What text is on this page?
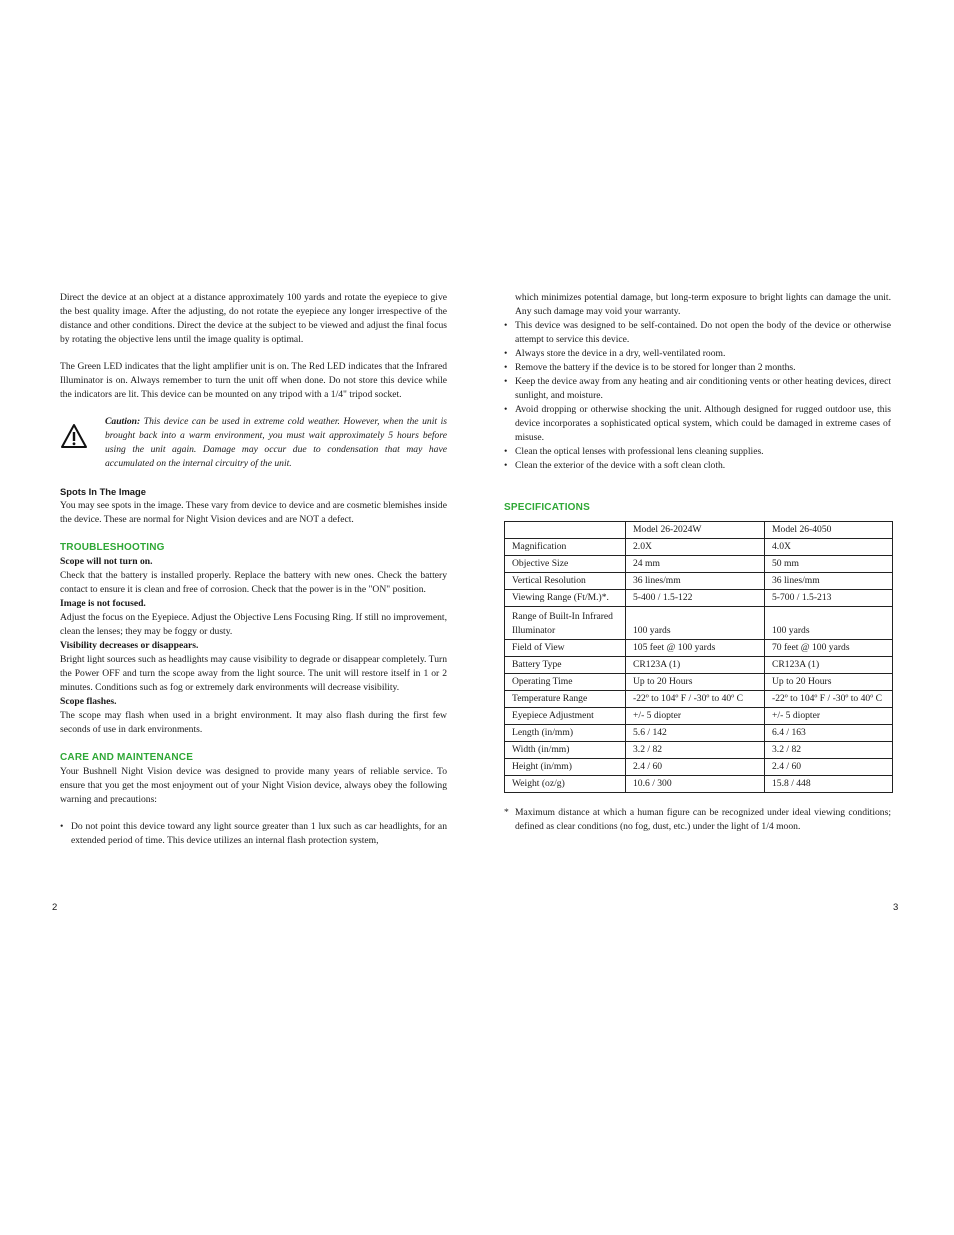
Direct the device at an object at a distance approximately 100 yards and rotate the eyepiece to give the best quality image. After the adjusting, do not rotate the eyepiece any longer irrespective of the distance and other conditions. Direct the device at the subject to be viewed and adjust the final focus by rotating the objective lens until the image quality is optimal.

The Green LED indicates that the light amplifier unit is on. The Red LED indicates that the Infrared Illuminator is on. Always remember to turn the unit off when done. Do not store this device while the indicators are lit. This device can be mounted on any tripod with a 1/4" tripod socket.

Caution: This device can be used in extreme cold weather. However, when the unit is brought back into a warm environment, you must wait approximately 5 hours before using the unit again. Damage may occur due to condensation that may have accumulated on the internal circuitry of the unit.

Spots In The Image

You may see spots in the image. These vary from device to device and are cosmetic blemishes inside the device. These are normal for Night Vision devices and are NOT a defect.

TROUBLESHOOTING
Scope will not turn on.

Check that the battery is installed properly. Replace the battery with new ones. Check the battery contact to ensure it is clean and free of corrosion. Check that the power is in the "ON" position.

Image is not focused.

Adjust the focus on the Eyepiece. Adjust the Objective Lens Focusing Ring. If still no improvement, clean the lenses; they may be foggy or dusty.

Visibility decreases or disappears.

Bright light sources such as headlights may cause visibility to degrade or disappear completely. Turn the Power OFF and turn the scope away from the light source. The unit will restore itself in 1 or 2 minutes. Conditions such as fog or extremely dark environments will decrease visibility.

Scope flashes.

The scope may flash when used in a bright environment. It may also flash during the first few seconds of use in dark environments.

CARE AND MAINTENANCE

Your Bushnell Night Vision device was designed to provide many years of reliable service. To ensure that you get the most enjoyment out of your Night Vision device, always obey the following warning and precautions:

• Do not point this device toward any light source greater than 1 lux such as car headlights, for an extended period of time. This device utilizes an internal flash protection system,

which minimizes potential damage, but long-term exposure to bright lights can damage the unit. Any such damage may void your warranty.

• This device was designed to be self-contained. Do not open the body of the device or otherwise attempt to service this device.
• Always store the device in a dry, well-ventilated room.
• Remove the battery if the device is to be stored for longer than 2 months.
• Keep the device away from any heating and air conditioning vents or other heating devices, direct sunlight, and moisture.
• Avoid dropping or otherwise shocking the unit. Although designed for rugged outdoor use, this device incorporates a sophisticated optical system, which could be damaged in extreme cases of misuse.
• Clean the optical lenses with professional lens cleaning supplies.
• Clean the exterior of the device with a soft clean cloth.
SPECIFICATIONS
	Model 26-2024W	Model 26-4050
Magnification	2.0X	4.0X
Objective Size	24 mm	50 mm
Vertical Resolution	36 lines/mm	36 lines/mm
Viewing Range (Ft/M.)*.	5-400 / 1.5-122	5-700 / 1.5-213
Range of Built-In Infrared Illuminator	100 yards	100 yards
Field of View	105 feet @ 100 yards	70 feet @ 100 yards
Battery Type	CR123A (1)	CR123A (1)
Operating Time	Up to 20 Hours	Up to 20 Hours
Temperature Range	-22º to 104º F / -30º to 40º C	-22º to 104º F / -30º to 40º C
Eyepiece Adjustment	+/- 5 diopter	+/- 5 diopter
Length (in/mm)	5.6 / 142	6.4 / 163
Width (in/mm)	3.2 / 82	3.2 / 82
Height (in/mm)	2.4 / 60	2.4 / 60
Weight (oz/g)	10.6 / 300	15.8 / 448
* Maximum distance at which a human figure can be recognized under ideal viewing conditions; defined as clear conditions (no fog, dust, etc.) under the light of 1/4 moon.

2	3
